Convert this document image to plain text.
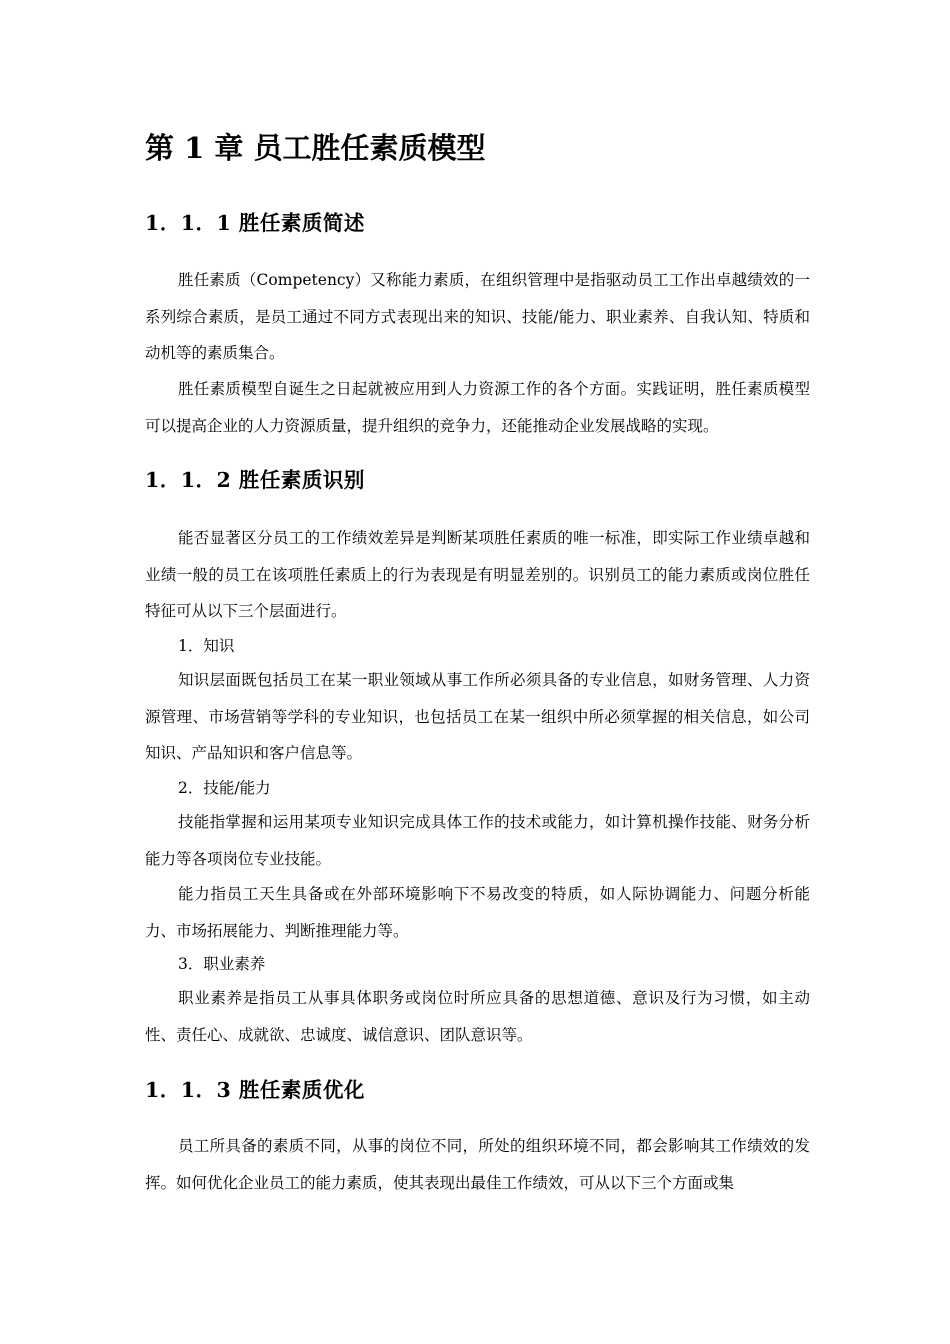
第 1 章 员工胜任素质模型
1．1．1 胜任素质简述

胜任素质（Competency）又称能力素质，在组织管理中是指驱动员工工作出卓越绩效的一系列综合素质，是员工通过不同方式表现出来的知识、技能/能力、职业素养、自我认知、特质和动机等的素质集合。

胜任素质模型自诞生之日起就被应用到人力资源工作的各个方面。实践证明，胜任素质模型可以提高企业的人力资源质量，提升组织的竞争力，还能推动企业发展战略的实现。

1．1．2 胜任素质识别

能否显著区分员工的工作绩效差异是判断某项胜任素质的唯一标准，即实际工作业绩卓越和业绩一般的员工在该项胜任素质上的行为表现是有明显差别的。识别员工的能力素质或岗位胜任特征可从以下三个层面进行。

1．知识

知识层面既包括员工在某一职业领域从事工作所必须具备的专业信息，如财务管理、人力资源管理、市场营销等学科的专业知识，也包括员工在某一组织中所必须掌握的相关信息，如公司知识、产品知识和客户信息等。

2．技能/能力

技能指掌握和运用某项专业知识完成具体工作的技术或能力，如计算机操作技能、财务分析能力等各项岗位专业技能。

能力指员工天生具备或在外部环境影响下不易改变的特质，如人际协调能力、问题分析能力、市场拓展能力、判断推理能力等。

3．职业素养

职业素养是指员工从事具体职务或岗位时所应具备的思想道德、意识及行为习惯，如主动性、责任心、成就欲、忠诚度、诚信意识、团队意识等。

1．1．3 胜任素质优化

员工所具备的素质不同，从事的岗位不同，所处的组织环境不同，都会影响其工作绩效的发挥。如何优化企业员工的能力素质，使其表现出最佳工作绩效，可从以下三个方面或集
